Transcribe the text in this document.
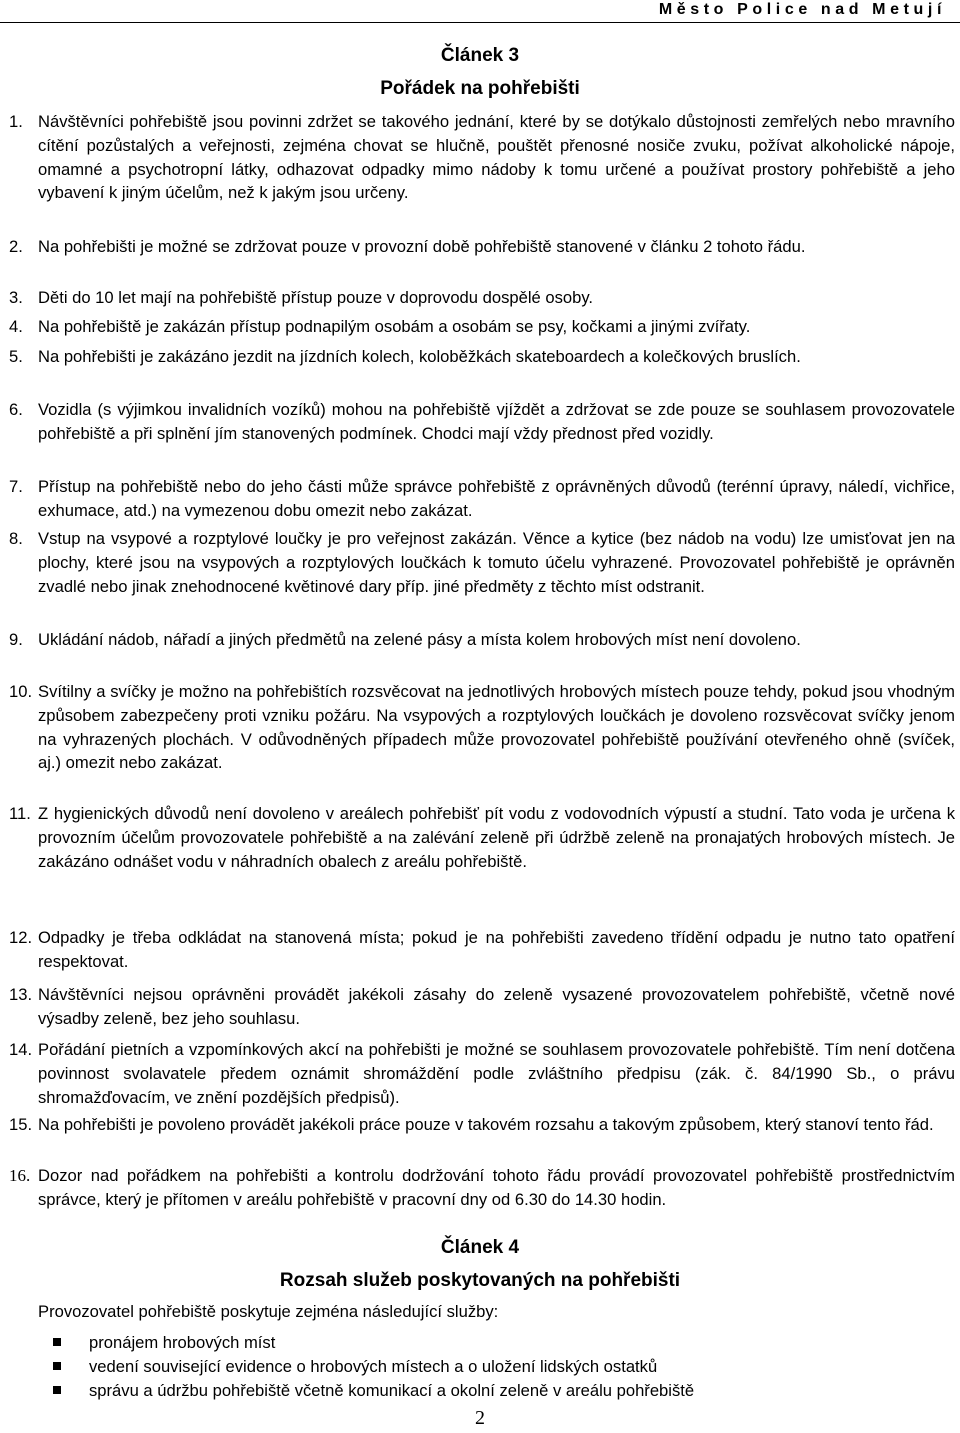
Město Police nad Metují
Článek 3
Pořádek na pohřebišti
1. Návštěvníci pohřebiště jsou povinni zdržet se takového jednání, které by se dotýkalo důstojnosti zemřelých nebo mravního cítění pozůstalých a veřejnosti, zejména chovat se hlučně, pouštět přenosné nosiče zvuku, požívat alkoholické nápoje, omamné a psychotropní látky, odhazovat odpadky mimo nádoby k tomu určené a používat prostory pohřebiště a jeho vybavení k jiným účelům, než k jakým jsou určeny.
2. Na pohřebišti je možné se zdržovat pouze v provozní době pohřebiště stanovené v článku 2 tohoto řádu.
3. Děti do 10 let mají na pohřebiště přístup pouze v doprovodu dospělé osoby.
4. Na pohřebiště je zakázán přístup podnapilým osobám a osobám se psy, kočkami a jinými zvířaty.
5. Na pohřebišti je zakázáno jezdit na jízdních kolech, koloběžkách skateboardech a kolečkových bruslích.
6. Vozidla (s výjimkou invalidních vozíků) mohou na pohřebiště vjíždět a zdržovat se zde pouze se souhlasem provozovatele pohřebiště a při splnění jím stanovených podmínek. Chodci mají vždy přednost před vozidly.
7. Přístup na pohřebiště nebo do jeho části může správce pohřebiště z oprávněných důvodů (terénní úpravy, náledí, vichřice, exhumace, atd.) na vymezenou dobu omezit nebo zakázat.
8. Vstup na vsypové a rozptylové loučky je pro veřejnost zakázán. Věnce a kytice (bez nádob na vodu) lze umisťovat jen na plochy, které jsou na vsypových a rozptylových loučkách k tomuto účelu vyhrazené. Provozovatel pohřebiště je oprávněn zvadlé nebo jinak znehodnocené květinové dary příp. jiné předměty z těchto míst odstranit.
9. Ukládání nádob, nářadí a jiných předmětů na zelené pásy a místa kolem hrobových míst není dovoleno.
10. Svítilny a svíčky je možno na pohřebištích rozsvěcovat na jednotlivých hrobových místech pouze tehdy, pokud jsou vhodným způsobem zabezpečeny proti vzniku požáru. Na vsypových a rozptylových loučkách je dovoleno rozsvěcovat svíčky jenom na vyhrazených plochách. V odůvodněných případech může provozovatel pohřebiště používání otevřeného ohně (svíček, aj.) omezit nebo zakázat.
11. Z hygienických důvodů není dovoleno v areálech pohřebišť pít vodu z vodovodních výpustí a studní. Tato voda je určena k provozním účelům provozovatele pohřebiště a na zalévání zeleně při údržbě zeleně na pronajatých hrobových místech. Je zakázáno odnášet vodu v náhradních obalech z areálu pohřebiště.
12. Odpadky je třeba odkládat na stanovená místa; pokud je na pohřebišti zavedeno třídění odpadu je nutno tato opatření respektovat.
13. Návštěvníci nejsou oprávněni provádět jakékoli zásahy do zeleně vysazené provozovatelem pohřebiště, včetně nové výsadby zeleně, bez jeho souhlasu.
14. Pořádání pietních a vzpomínkových akcí na pohřebišti je možné se souhlasem provozovatele pohřebiště. Tím není dotčena povinnost svolavatele předem oznámit shromáždění podle zvláštního předpisu (zák. č. 84/1990 Sb., o právu shromažďovacím, ve znění pozdějších předpisů).
15. Na pohřebišti je povoleno provádět jakékoli práce pouze v takovém rozsahu a takovým způsobem, který stanoví tento řád.
16. Dozor nad pořádkem na pohřebišti a kontrolu dodržování tohoto řádu provádí provozovatel pohřebiště prostřednictvím správce, který je přítomen v areálu pohřebiště v pracovní dny od 6.30 do 14.30 hodin.
Článek 4
Rozsah služeb poskytovaných na pohřebišti
Provozovatel pohřebiště poskytuje zejména následující služby:
pronájem hrobových míst
vedení související evidence o hrobových místech a o uložení lidských ostatků
správu a údržbu pohřebiště včetně komunikací a okolní zeleně v areálu pohřebiště
2
